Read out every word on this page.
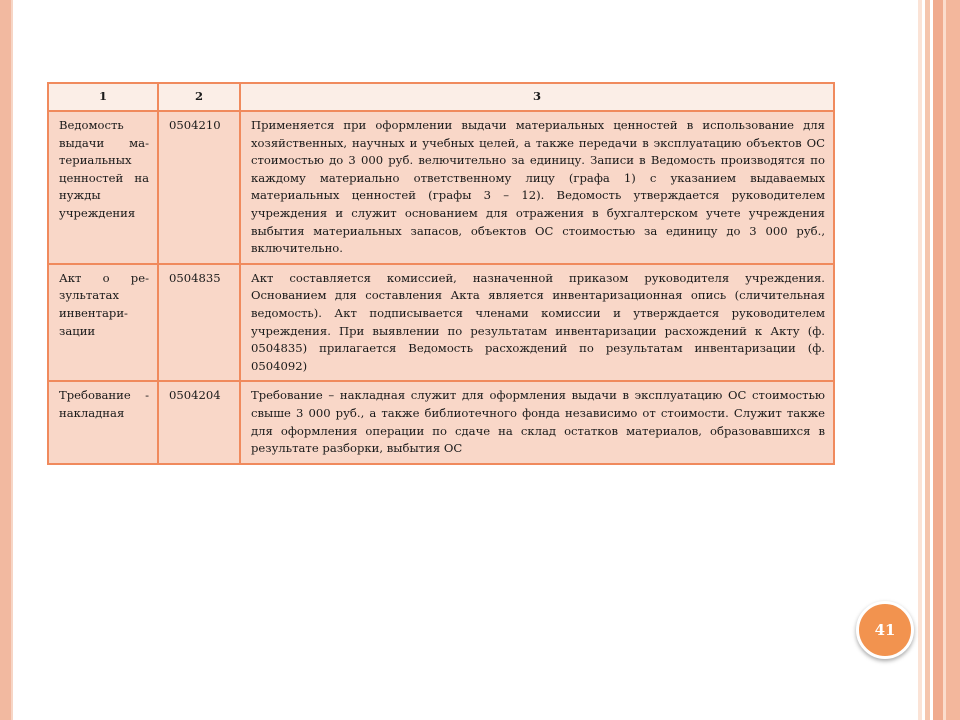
1	2	3
Ведомость выдачи ма-териальных ценностей на нужды учреждения	0504210	Применяется при оформлении выдачи материальных ценностей в использование для хозяйственных, научных и учебных целей, а также передачи в эксплуатацию объектов ОС стоимостью до 3 000 руб. велючительно за единицу. Записи в Ведомость производятся по каждому материально ответственному лицу (графа 1) с указанием выдаваемых материальных ценностей (графы 3 – 12). Ведомость утверждается руководителем учреждения и служит основанием для отражения в бухгалтерском учете учреждения выбытия материальных запасов, объектов ОС стоимостью за единицу до 3 000 руб., включительно.
Акт о ре-зультатах инвентари-зации	0504835	Акт составляется комиссией, назначенной приказом руководителя учреждения. Основанием для составления Акта является инвентаризационная опись (сличительная ведомость). Акт подписывается членами комиссии и утверждается руководителем учреждения. При выявлении по результатам инвентаризации расхождений к Акту (ф. 0504835) прилагается Ведомость расхождений по результатам инвентаризации (ф. 0504092)
Требование - накладная	0504204	Требование – накладная служит для оформления выдачи в эксплуатацию ОС стоимостью свыше 3 000 руб., а также библиотечного фонда независимо от стоимости. Служит также для оформления операции по сдаче на склад остатков материалов, образовавшихся в результате разборки, выбытия ОС
41
